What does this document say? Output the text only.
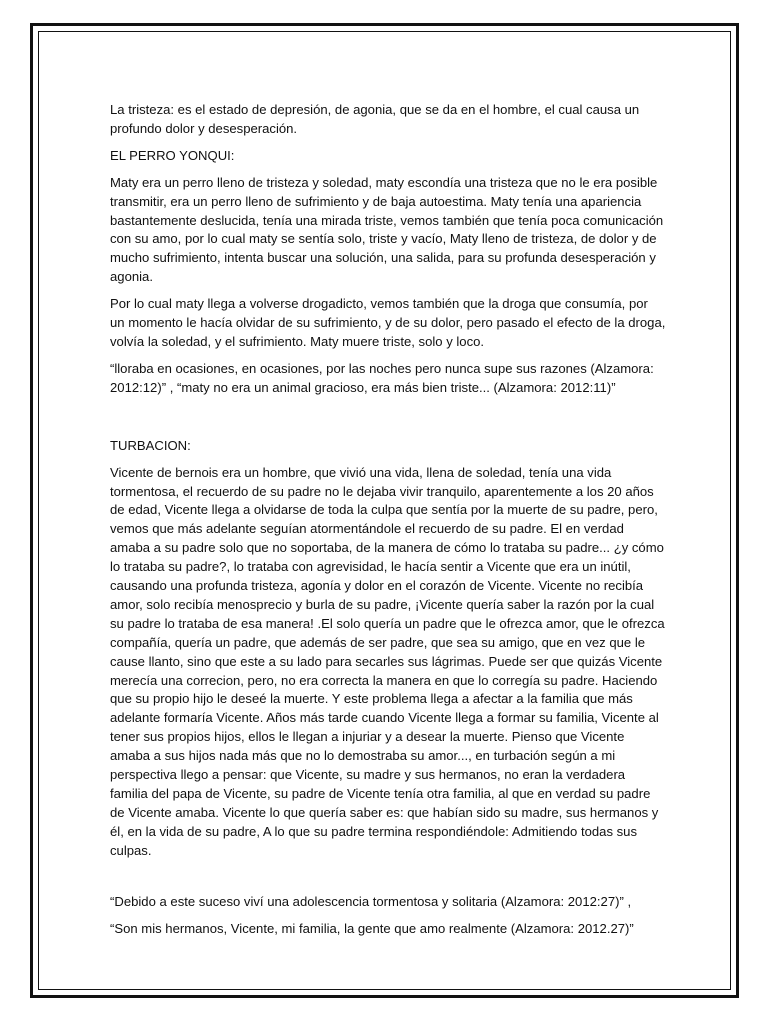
La tristeza: es el estado de depresión, de agonia, que se da en el hombre, el cual causa un profundo dolor y desesperación.

EL PERRO YONQUI:

Maty era un perro lleno de tristeza y soledad, maty escondía una tristeza que no le era posible transmitir, era un perro lleno de sufrimiento y de baja autoestima. Maty tenía una apariencia bastantemente deslucida, tenía una mirada triste, vemos también que tenía poca comunicación con su amo, por lo cual maty se sentía solo, triste y vacío, Maty lleno de tristeza, de dolor y de mucho sufrimiento, intenta buscar una solución, una salida, para su profunda desesperación y agonia.

Por lo cual maty llega a volverse drogadicto, vemos también que la droga que consumía, por un momento le hacía olvidar de su sufrimiento, y de su dolor, pero pasado el efecto de la droga, volvía la soledad, y el sufrimiento. Maty muere triste, solo y loco.

“lloraba en ocasiones, en ocasiones, por las noches pero nunca supe sus razones (Alzamora: 2012:12)” , “maty no era un animal gracioso, era más bien triste... (Alzamora: 2012:11)”

TURBACION:

Vicente de bernois era un hombre, que vivió una vida, llena de soledad, tenía una vida tormentosa, el recuerdo de su padre no le dejaba vivir tranquilo, aparentemente a los 20 años de edad, Vicente llega a olvidarse de toda la culpa que sentía por la muerte de su padre, pero, vemos que más adelante seguían atormentándole el recuerdo de su padre. El en verdad amaba a su padre solo que no soportaba, de la manera de cómo lo trataba su padre... ¿y cómo lo trataba su padre?, lo trataba con agrevisidad, le hacía sentir a Vicente que era un inútil, causando una profunda tristeza, agonía y dolor en el corazón de Vicente. Vicente no recibía amor, solo recibía menosprecio y burla de su padre, ¡Vicente quería saber la razón por la cual su padre lo trataba de esa manera! .El solo quería un padre que le ofrezca amor, que le ofrezca compañía, quería un padre, que además de ser padre, que sea su amigo, que en vez que le cause llanto, sino que este a su lado para secarles sus lágrimas. Puede ser que quizás Vicente merecía una correcion, pero, no era correcta la manera en que lo corregía su padre. Haciendo que su propio hijo le deseé la muerte. Y este problema llega a afectar a la familia que más adelante formaría Vicente. Años más tarde cuando Vicente llega a formar su familia, Vicente al tener sus propios hijos, ellos le llegan a injuriar y a desear la muerte. Pienso que Vicente amaba a sus hijos nada más que no lo demostraba su amor..., en turbación según a mi perspectiva llego a pensar: que Vicente, su madre y sus hermanos, no eran la verdadera familia del papa de Vicente, su padre de Vicente tenía otra familia, al que en verdad su padre de Vicente amaba. Vicente lo que quería saber es: que habían sido su madre, sus hermanos y él, en la vida de su padre, A lo que su padre termina respondiéndole: Admitiendo todas sus culpas.

“Debido a este suceso viví una adolescencia tormentosa y solitaria (Alzamora: 2012:27)” ,

“Son mis hermanos, Vicente, mi familia, la gente que amo realmente (Alzamora: 2012.27)”
